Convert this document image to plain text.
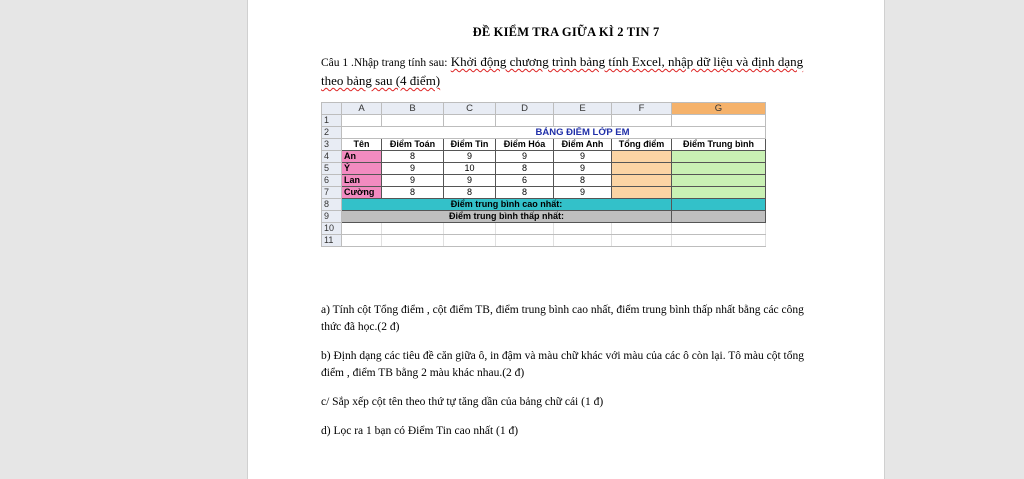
ĐỀ KIỂM TRA GIỮA KÌ 2 TIN 7
Câu 1 .Nhập trang tính sau: Khởi động chương trình bảng tính Excel, nhập dữ liệu và định dạng theo bảng sau (4 điểm)
	A	B	C	D	E	F	G
1							
2	BẢNG ĐIỂM LỚP EM						
3	Tên	Điểm Toán	Điểm Tin	Điểm Hóa	Điểm Anh	Tổng điểm	Điểm Trung bình
4	An	8	9	9	9		
5	Ý	9	10	8	9		
6	Lan	9	9	6	8		
7	Cường	8	8	8	9		
8	Điểm trung bình cao nhất:						
9	Điểm trung bình thấp nhất:						
10							
11							
a) Tính cột Tổng điểm , cột điểm TB, điểm trung bình cao nhất, điểm trung bình thấp nhất bằng các công thức đã học.(2 đ)
b) Định dạng các tiêu đề căn giữa ô, in đậm và màu chữ khác với màu của các ô còn lại. Tô màu cột tổng điểm , điểm TB bằng 2 màu khác nhau.(2 đ)
c/ Sắp xếp cột tên theo thứ tự tăng dần của bảng chữ cái (1 đ)
d) Lọc ra 1 bạn có Điểm Tin cao nhất (1 đ)
